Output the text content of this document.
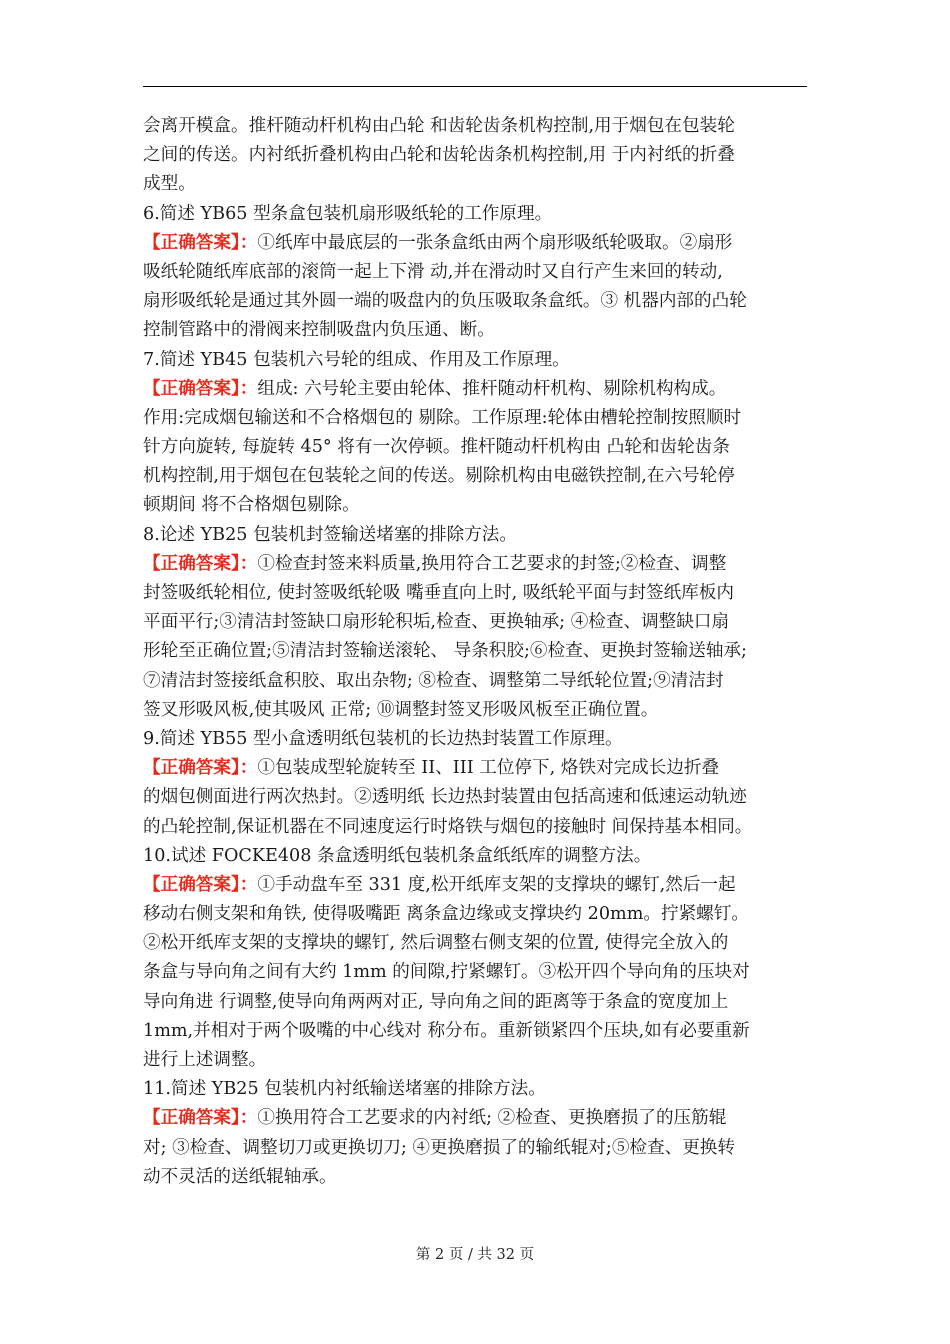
会离开模盒。推杆随动杆机构由凸轮 和齿轮齿条机构控制,用于烟包在包装轮
之间的传送。内衬纸折叠机构由凸轮和齿轮齿条机构控制,用 于内衬纸的折叠
成型。
6.简述 YB65 型条盒包装机扇形吸纸轮的工作原理。
【正确答案】：①纸库中最底层的一张条盒纸由两个扇形吸纸轮吸取。②扇形
吸纸轮随纸库底部的滚筒一起上下滑 动,并在滑动时又自行产生来回的转动,
扇形吸纸轮是通过其外圆一端的吸盘内的负压吸取条盒纸。③ 机器内部的凸轮
控制管路中的滑阀来控制吸盘内负压通、断。
7.简述 YB45 包装机六号轮的组成、作用及工作原理。
【正确答案】：组成: 六号轮主要由轮体、推杆随动杆机构、剔除机构构成。
作用:完成烟包输送和不合格烟包的 剔除。工作原理:轮体由槽轮控制按照顺时
针方向旋转, 每旋转 45° 将有一次停顿。推杆随动杆机构由 凸轮和齿轮齿条
机构控制,用于烟包在包装轮之间的传送。剔除机构由电磁铁控制,在六号轮停
顿期间 将不合格烟包剔除。
8.论述 YB25 包装机封签输送堵塞的排除方法。
【正确答案】：①检查封签来料质量,换用符合工艺要求的封签;②检查、调整
封签吸纸轮相位, 使封签吸纸轮吸 嘴垂直向上时, 吸纸轮平面与封签纸库板内
平面平行;③清洁封签缺口扇形轮积垢,检查、更换轴承; ④检查、调整缺口扇
形轮至正确位置;⑤清洁封签输送滚轮、 导条积胶;⑥检查、更换封签输送轴承;
⑦清洁封签接纸盒积胶、取出杂物; ⑧检查、调整第二导纸轮位置;⑨清洁封
签叉形吸风板,使其吸风 正常; ⑩调整封签叉形吸风板至正确位置。
9.简述 YB55 型小盒透明纸包装机的长边热封装置工作原理。
【正确答案】：①包装成型轮旋转至 II、III 工位停下, 烙铁对完成长边折叠
的烟包侧面进行两次热封。②透明纸 长边热封装置由包括高速和低速运动轨迹
的凸轮控制,保证机器在不同速度运行时烙铁与烟包的接触时 间保持基本相同。
10.试述 FOCKE408 条盒透明纸包装机条盒纸纸库的调整方法。
【正确答案】：①手动盘车至 331 度,松开纸库支架的支撑块的螺钉,然后一起
移动右侧支架和角铁, 使得吸嘴距 离条盒边缘或支撑块约 20mm。拧紧螺钉。
②松开纸库支架的支撑块的螺钉, 然后调整右侧支架的位置, 使得完全放入的
条盒与导向角之间有大约 1mm 的间隙,拧紧螺钉。③松开四个导向角的压块对
导向角进 行调整,使导向角两两对正, 导向角之间的距离等于条盒的宽度加上
1mm,并相对于两个吸嘴的中心线对 称分布。重新锁紧四个压块,如有必要重新
进行上述调整。
11.简述 YB25 包装机内衬纸输送堵塞的排除方法。
【正确答案】：①换用符合工艺要求的内衬纸; ②检查、更换磨损了的压筋辊
对; ③检查、调整切刀或更换切刀; ④更换磨损了的输纸辊对;⑤检查、更换转
动不灵活的送纸辊轴承。
第 2 页 / 共 32 页
